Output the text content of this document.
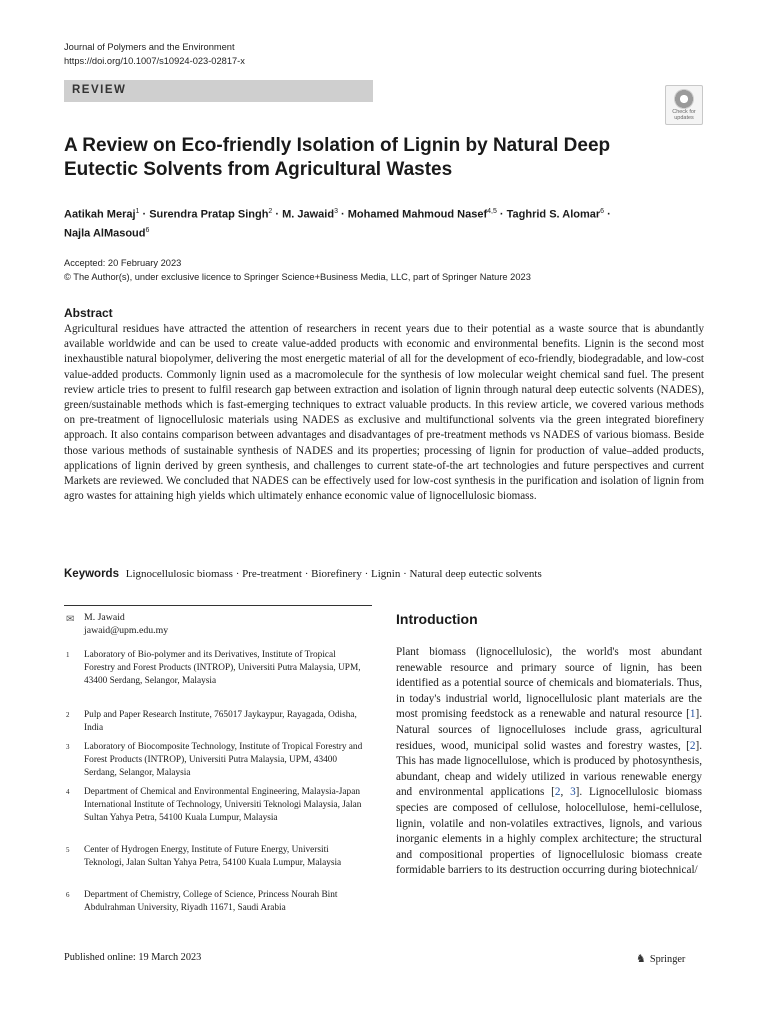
Journal of Polymers and the Environment
https://doi.org/10.1007/s10924-023-02817-x
REVIEW
Check for
updates
A Review on Eco-friendly Isolation of Lignin by Natural Deep Eutectic Solvents from Agricultural Wastes
Aatikah Meraj$^1$ · Surendra Pratap Singh$^2$ · M. Jawaid$^3$ · Mohamed Mahmoud Nasef$^{4,5}$ · Taghrid S. Alomar$^6$ ·
Najla AlMasoud$^6$
Accepted: 20 February 2023
© The Author(s), under exclusive licence to Springer Science+Business Media, LLC, part of Springer Nature 2023
Abstract

Agricultural residues have attracted the attention of researchers in recent years due to their potential as a waste source that is abundantly available worldwide and can be used to create value-added products with economic and environmental benefits. Lignin is the second most inexhaustible natural biopolymer, delivering the most energetic material of all for the development of eco-friendly, biodegradable, and low-cost value-added products. Commonly lignin used as a macromolecule for the synthesis of low molecular weight chemical sand fuel. The present review article tries to present to fulfil research gap between extraction and isolation of lignin through natural deep eutectic solvents (NADES), green/sustainable methods which is fast-emerging techniques to extract valuable products. In this review article, we covered various methods on pre-treatment of lignocellulosic materials using NADES as exclusive and multifunctional solvents via the green integrated biorefinery approach. It also contains comparison between advantages and disadvantages of pre-treatment methods vs NADES of various biomass. Beside those various methods of sustainable synthesis of NADES and its properties; processing of lignin for production of value–added products, applications of lignin derived by green synthesis, and challenges to current state-of-the art technologies and future perspectives and current Markets are reviewed. We concluded that NADES can be effectively used for low-cost synthesis in the purification and isolation of lignin from agro wastes for attaining high yields which ultimately enhance economic value of lignocellulosic biomass.

Keywords Lignocellulosic biomass · Pre-treatment · Biorefinery · Lignin · Natural deep eutectic solvents
✉ M. Jawaid
jawaid@upm.edu.my
1 Laboratory of Bio-polymer and its Derivatives, Institute of Tropical Forestry and Forest Products (INTROP), Universiti Putra Malaysia, UPM, 43400 Serdang, Selangor, Malaysia
2 Pulp and Paper Research Institute, 765017 Jaykaypur, Rayagada, Odisha, India
3 Laboratory of Biocomposite Technology, Institute of Tropical Forestry and Forest Products (INTROP), Universiti Putra Malaysia, UPM, 43400 Serdang, Selangor, Malaysia
4 Department of Chemical and Environmental Engineering, Malaysia-Japan International Institute of Technology, Universiti Teknologi Malaysia, Jalan Sultan Yahya Petra, 54100 Kuala Lumpur, Malaysia
5 Center of Hydrogen Energy, Institute of Future Energy, Universiti Teknologi, Jalan Sultan Yahya Petra, 54100 Kuala Lumpur, Malaysia
6 Department of Chemistry, College of Science, Princess Nourah Bint Abdulrahman University, Riyadh 11671, Saudi Arabia
Introduction

Plant biomass (lignocellulosic), the world's most abundant renewable resource and primary source of lignin, has been identified as a potential source of chemicals and biomaterials. Thus, in today's industrial world, lignocellulosic plant materials are the most promising feedstock as a renewable and natural resource [1]. Natural sources of lignocelluloses include grass, agricultural residues, wood, municipal solid wastes and forestry wastes, [2]. This has made lignocellulose, which is produced by photosynthesis, abundant, cheap and widely utilized in various renewable energy and environmental applications [2, 3]. Lignocellulosic biomass species are composed of cellulose, holocellulose, hemi-cellulose, lignin, volatile and non-volatiles extractives, lignols, and various inorganic elements in a highly complex architecture; the structural and compositional properties of lignocellulosic biomass create formidable barriers to its destruction occurring during biotechnical/

Published online: 19 March 2023	♞ Springer
